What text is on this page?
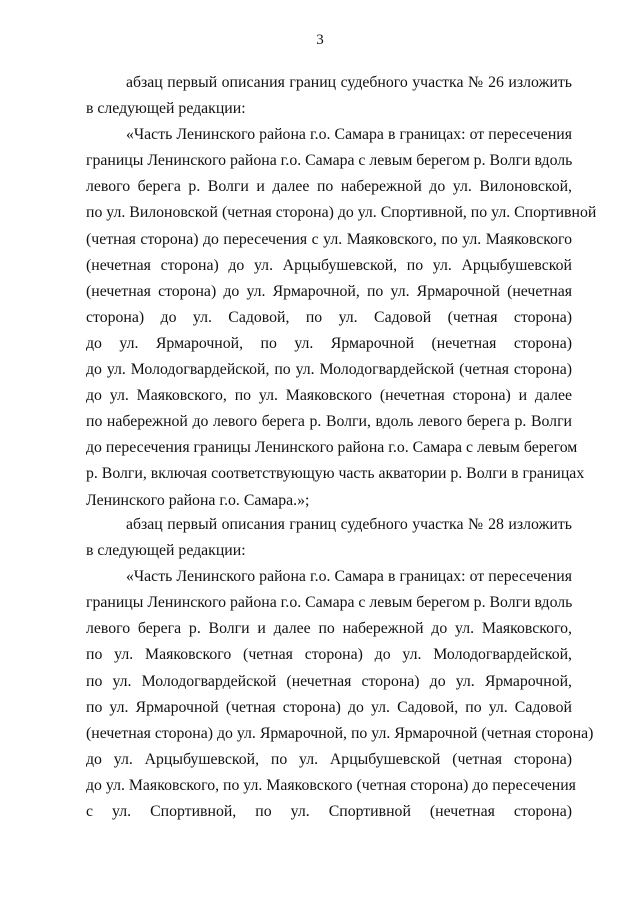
3
абзац первый описания границ судебного участка № 26 изложить
в следующей редакции:
«Часть Ленинского района г.о. Самара в границах: от пересечения
границы Ленинского района г.о. Самара с левым берегом р. Волги вдоль
левого берега р. Волги и далее по набережной до ул. Вилоновской,
по ул. Вилоновской (четная сторона) до ул. Спортивной, по ул. Спортивной
(четная сторона) до пересечения с ул. Маяковского, по ул. Маяковского
(нечетная сторона) до ул. Арцыбушевской, по ул. Арцыбушевской
(нечетная сторона) до ул. Ярмарочной, по ул. Ярмарочной (нечетная
сторона) до ул. Садовой, по ул. Садовой (четная сторона)
до ул. Ярмарочной, по ул. Ярмарочной (нечетная сторона)
до ул. Молодогвардейской, по ул. Молодогвардейской (четная сторона)
до ул. Маяковского, по ул. Маяковского (нечетная сторона) и далее
по набережной до левого берега р. Волги, вдоль левого берега р. Волги
до пересечения границы Ленинского района г.о. Самара с левым берегом
р. Волги, включая соответствующую часть акватории р. Волги в границах
Ленинского района г.о. Самара.»;
абзац первый описания границ судебного участка № 28 изложить
в следующей редакции:
«Часть Ленинского района г.о. Самара в границах: от пересечения
границы Ленинского района г.о. Самара с левым берегом р. Волги вдоль
левого берега р. Волги и далее по набережной до ул. Маяковского,
по ул. Маяковского (четная сторона) до ул. Молодогвардейской,
по ул. Молодогвардейской (нечетная сторона) до ул. Ярмарочной,
по ул. Ярмарочной (четная сторона) до ул. Садовой, по ул. Садовой
(нечетная сторона) до ул. Ярмарочной, по ул. Ярмарочной (четная сторона)
до ул. Арцыбушевской, по ул. Арцыбушевской (четная сторона)
до ул. Маяковского, по ул. Маяковского (четная сторона) до пересечения
с ул. Спортивной, по ул. Спортивной (нечетная сторона)
